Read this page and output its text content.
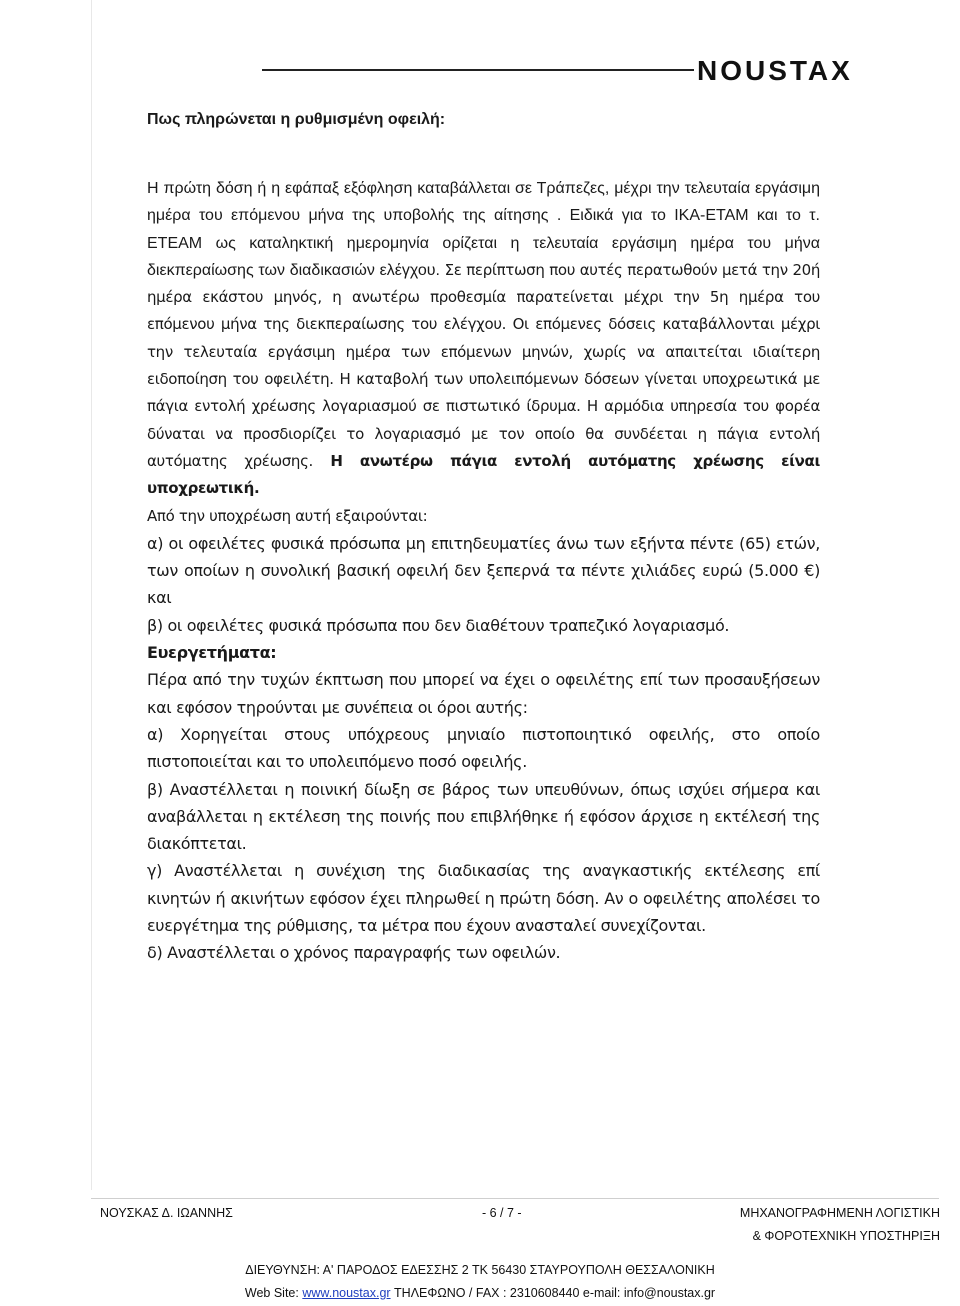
NOUSTAX
Πως πληρώνεται η ρυθμισμένη οφειλή:

Η πρώτη δόση ή η εφάπαξ εξόφληση καταβάλλεται σε Τράπεζες, μέχρι την τελευταία εργάσιμη ημέρα του επόμενου μήνα της υποβολής της αίτησης . Ειδικά για το ΙΚΑ-ΕΤΑΜ και το τ. ΕΤΕΑΜ ως καταληκτική ημερομηνία ορίζεται η τελευταία εργάσιμη ημέρα του μήνα διεκπεραίωσης των διαδικασιών ελέγχου. Σε περίπτωση που αυτές περατωθούν μετά την 20ή ημέρα εκάστου μηνός, η ανωτέρω προθεσμία παρατείνεται μέχρι την 5η ημέρα του επόμενου μήνα της διεκπεραίωσης του ελέγχου. Οι επόμενες δόσεις καταβάλλονται μέχρι την τελευταία εργάσιμη ημέρα των επόμενων μηνών, χωρίς να απαιτείται ιδιαίτερη ειδοποίηση του οφειλέτη. Η καταβολή των υπολειπόμενων δόσεων γίνεται υποχρεωτικά με πάγια εντολή χρέωσης λογαριασμού σε πιστωτικό ίδρυμα. Η αρμόδια υπηρεσία του φορέα δύναται να προσδιορίζει το λογαριασμό με τον οποίο θα συνδέεται η πάγια εντολή αυτόματης χρέωσης. Η ανωτέρω πάγια εντολή αυτόματης χρέωσης είναι υποχρεωτική.

Από την υποχρέωση αυτή εξαιρούνται:

α) οι οφειλέτες φυσικά πρόσωπα μη επιτηδευματίες άνω των εξήντα πέντε (65) ετών, των οποίων η συνολική βασική οφειλή δεν ξεπερνά τα πέντε χιλιάδες ευρώ (5.000 €) και

β) οι οφειλέτες φυσικά πρόσωπα που δεν διαθέτουν τραπεζικό λογαριασμό.

Ευεργετήματα:

Πέρα από την τυχών έκπτωση που μπορεί να έχει ο οφειλέτης επί των προσαυξήσεων και εφόσον τηρούνται με συνέπεια οι όροι αυτής:

α) Χορηγείται στους υπόχρεους μηνιαίο πιστοποιητικό οφειλής, στο οποίο πιστοποιείται και το υπολειπόμενο ποσό οφειλής.

β) Αναστέλλεται η ποινική δίωξη σε βάρος των υπευθύνων, όπως ισχύει σήμερα και αναβάλλεται η εκτέλεση της ποινής που επιβλήθηκε ή εφόσον άρχισε η εκτέλεσή της διακόπτεται.

γ) Αναστέλλεται η συνέχιση της διαδικασίας της αναγκαστικής εκτέλεσης επί κινητών ή ακινήτων εφόσον έχει πληρωθεί η πρώτη δόση. Αν ο οφειλέτης απολέσει το ευεργέτημα της ρύθμισης, τα μέτρα που έχουν ανασταλεί συνεχίζονται.

δ) Αναστέλλεται ο χρόνος παραγραφής των οφειλών.

ΝΟΥΣΚΑΣ Δ. ΙΩΑΝΝΗΣ	- 6 / 7 -	ΜΗΧΑΝΟΓΡΑΦΗΜΕΝΗ ΛΟΓΙΣΤΙΚΗ
& ΦΟΡΟΤΕΧΝΙΚΗ ΥΠΟΣΤΗΡΙΞΗ
ΔΙΕΥΘΥΝΣΗ: Α' ΠΑΡΟΔΟΣ ΕΔΕΣΣΗΣ 2 ΤΚ 56430 ΣΤΑΥΡΟΥΠΟΛΗ ΘΕΣΣΑΛΟΝΙΚΗ
Web Site: www.noustax.gr ΤΗΛΕΦΩΝΟ / FAX : 2310608440 e-mail: info@noustax.gr
